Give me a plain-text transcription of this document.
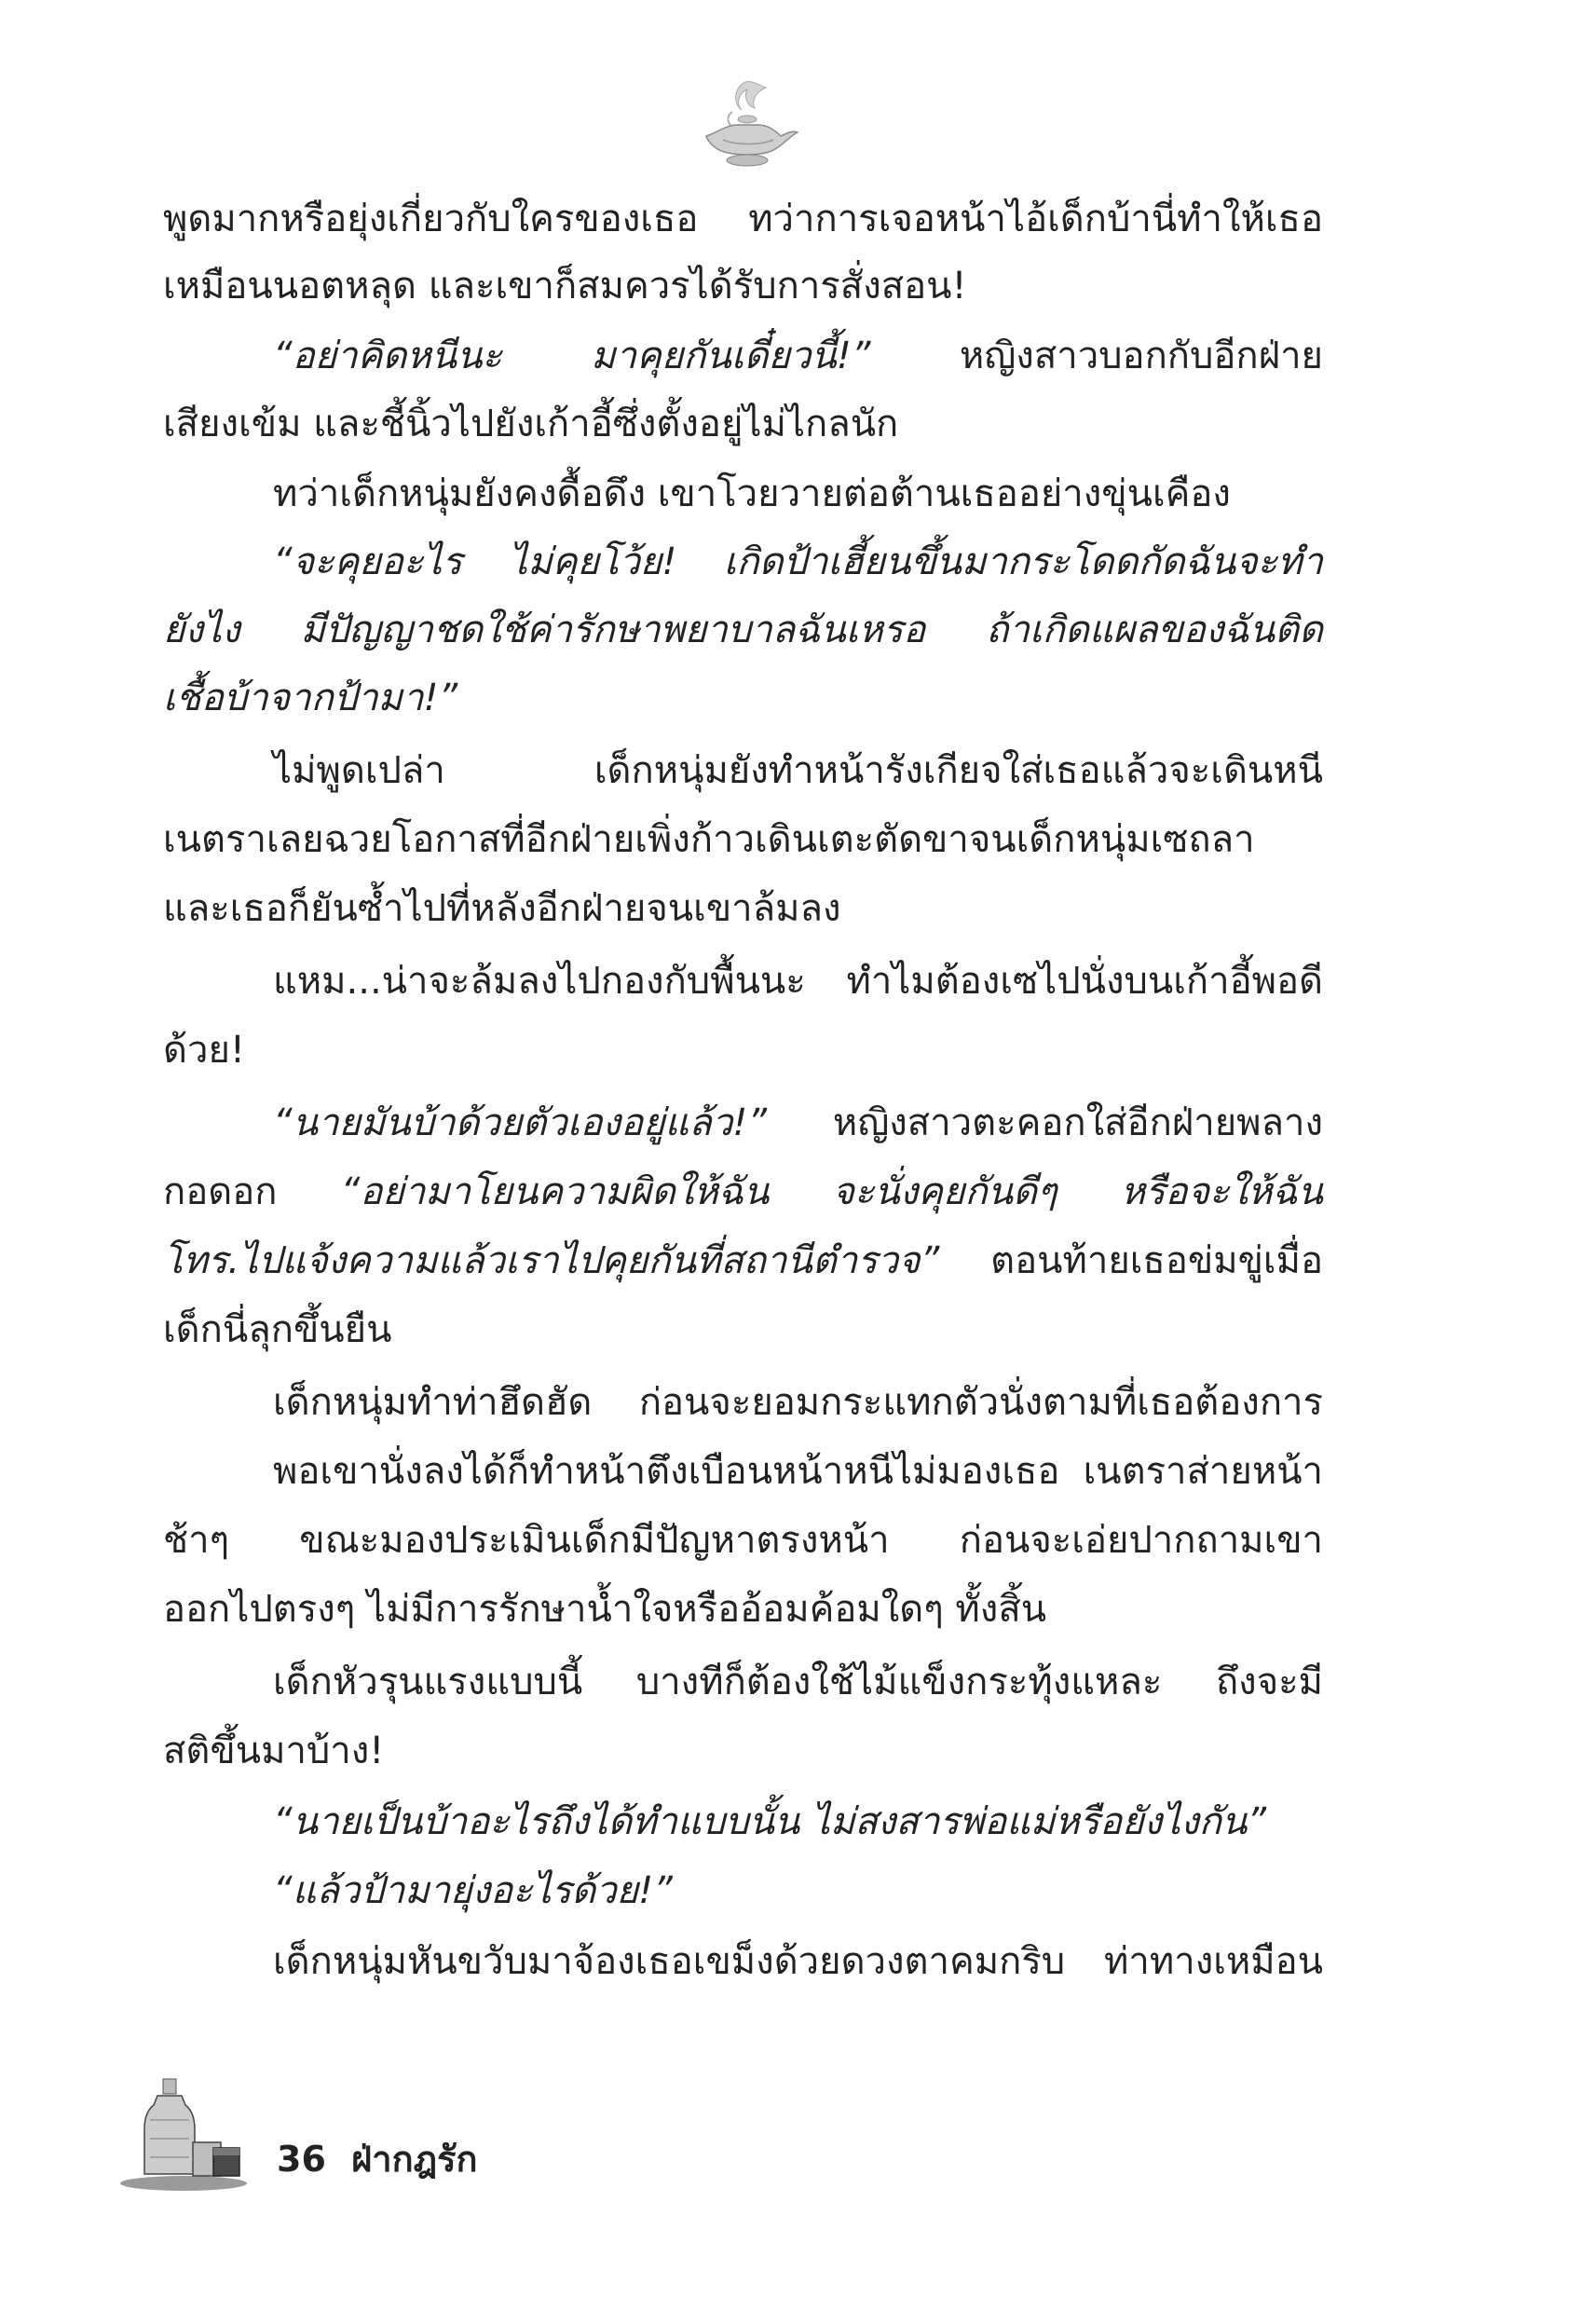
พูดมากหรือยุ่งเกี่ยวกับใครของเธอ ทว่าการเจอหน้าไอ้เด็กบ้านี่ทำให้เธอ
เหมือนนอตหลุด และเขาก็สมควรได้รับการสั่งสอน!
“อย่าคิดหนีนะ มาคุยกันเดี๋ยวนี้!” หญิงสาวบอกกับอีกฝ่าย
เสียงเข้ม และชี้นิ้วไปยังเก้าอี้ซึ่งตั้งอยู่ไม่ไกลนัก
ทว่าเด็กหนุ่มยังคงดื้อดึง เขาโวยวายต่อต้านเธออย่างขุ่นเคือง
“จะคุยอะไร ไม่คุยโว้ย! เกิดป้าเฮี้ยนขึ้นมากระโดดกัดฉันจะทำ
ยังไง มีปัญญาชดใช้ค่ารักษาพยาบาลฉันเหรอ ถ้าเกิดแผลของฉันติด
เชื้อบ้าจากป้ามา!”
ไม่พูดเปล่า เด็กหนุ่มยังทำหน้ารังเกียจใส่เธอแล้วจะเดินหนี
เนตราเลยฉวยโอกาสที่อีกฝ่ายเพิ่งก้าวเดินเตะตัดขาจนเด็กหนุ่มเซถลา
และเธอก็ยันซ้ำไปที่หลังอีกฝ่ายจนเขาล้มลง
แหม...น่าจะล้มลงไปกองกับพื้นนะ ทำไมต้องเซไปนั่งบนเก้าอี้พอดี
ด้วย!
“นายมันบ้าด้วยตัวเองอยู่แล้ว!” หญิงสาวตะคอกใส่อีกฝ่ายพลาง
กอดอก “อย่ามาโยนความผิดให้ฉัน จะนั่งคุยกันดีๆ หรือจะให้ฉัน
โทร.ไปแจ้งความแล้วเราไปคุยกันที่สถานีตำรวจ” ตอนท้ายเธอข่มขู่เมื่อ
เด็กนี่ลุกขึ้นยืน
เด็กหนุ่มทำท่าฮึดฮัด ก่อนจะยอมกระแทกตัวนั่งตามที่เธอต้องการ
พอเขานั่งลงได้ก็ทำหน้าตึงเบือนหน้าหนีไม่มองเธอ เนตราส่ายหน้า
ช้าๆ ขณะมองประเมินเด็กมีปัญหาตรงหน้า ก่อนจะเอ่ยปากถามเขา
ออกไปตรงๆ ไม่มีการรักษาน้ำใจหรืออ้อมค้อมใดๆ ทั้งสิ้น
เด็กหัวรุนแรงแบบนี้ บางทีก็ต้องใช้ไม้แข็งกระทุ้งแหละ ถึงจะมี
สติขึ้นมาบ้าง!
“นายเป็นบ้าอะไรถึงได้ทำแบบนั้น ไม่สงสารพ่อแม่หรือยังไงกัน”
“แล้วป้ามายุ่งอะไรด้วย!”
เด็กหนุ่มหันขวับมาจ้องเธอเขม็งด้วยดวงตาคมกริบ ท่าทางเหมือน
36 ฝ่ากฎรัก
